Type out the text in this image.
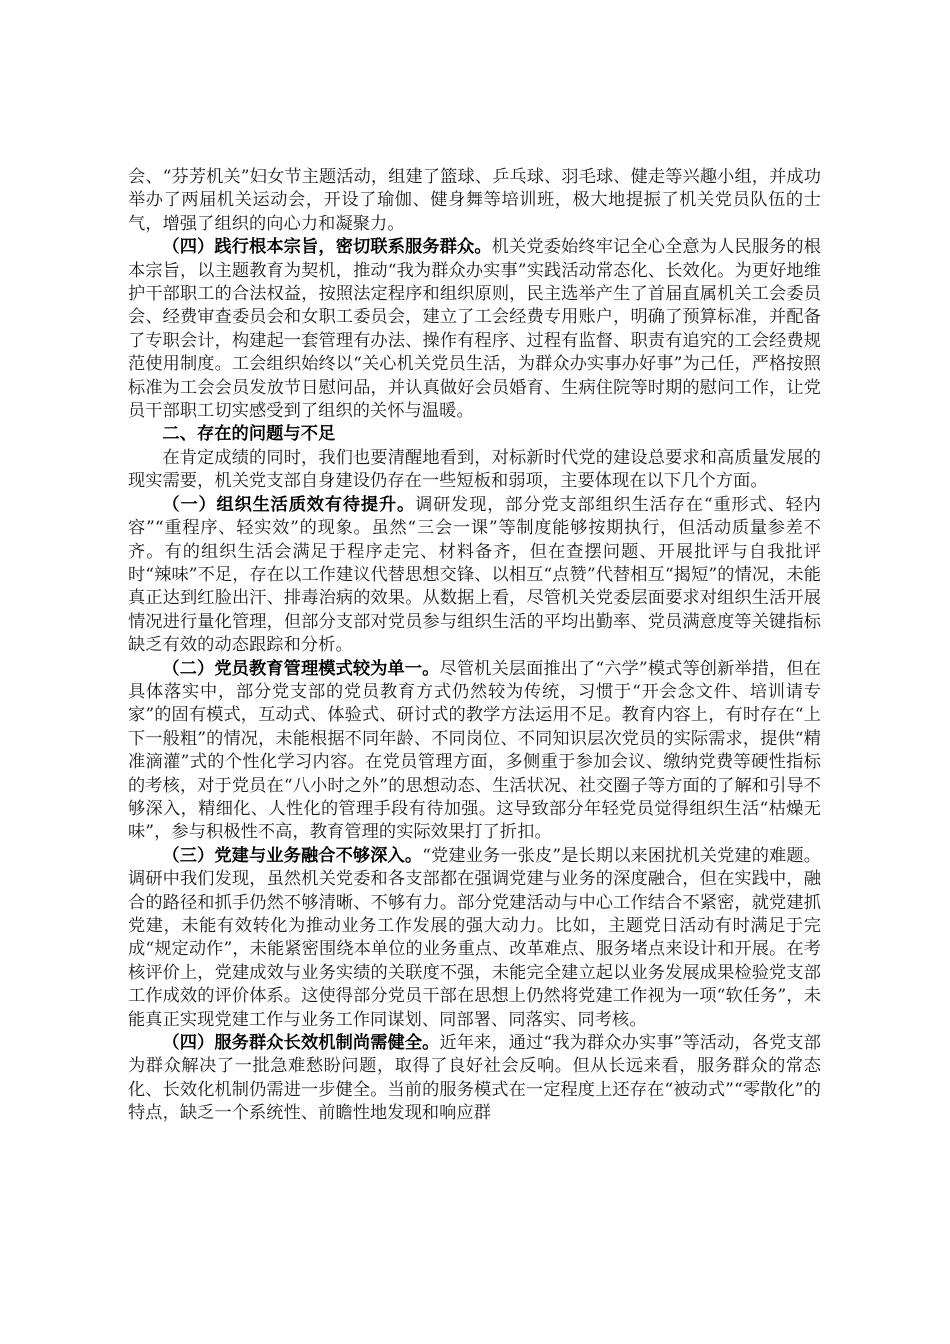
会、“芬芳机关”妇女节主题活动，组建了篮球、乒乓球、羽毛球、健走等兴趣小组，并成功举办了两届机关运动会，开设了瑜伽、健身舞等培训班，极大地提振了机关党员队伍的士气，增强了组织的向心力和凝聚力。

（四）践行根本宗旨，密切联系服务群众。机关党委始终牢记全心全意为人民服务的根本宗旨，以主题教育为契机，推动“我为群众办实事”实践活动常态化、长效化。为更好地维护干部职工的合法权益，按照法定程序和组织原则，民主选举产生了首届直属机关工会委员会、经费审查委员会和女职工委员会，建立了工会经费专用账户，明确了预算标准，并配备了专职会计，构建起一套管理有办法、操作有程序、过程有监督、职责有追究的工会经费规范使用制度。工会组织始终以“关心机关党员生活，为群众办实事办好事”为己任，严格按照标准为工会会员发放节日慰问品，并认真做好会员婚育、生病住院等时期的慰问工作，让党员干部职工切实感受到了组织的关怀与温暖。

二、存在的问题与不足

在肯定成绩的同时，我们也要清醒地看到，对标新时代党的建设总要求和高质量发展的现实需要，机关党支部自身建设仍存在一些短板和弱项，主要体现在以下几个方面。

（一）组织生活质效有待提升。调研发现，部分党支部组织生活存在“重形式、轻内容”“重程序、轻实效”的现象。虽然“三会一课”等制度能够按期执行，但活动质量参差不齐。有的组织生活会满足于程序走完、材料备齐，但在查摆问题、开展批评与自我批评时“辣味”不足，存在以工作建议代替思想交锋、以相互“点赞”代替相互“揭短”的情况，未能真正达到红脸出汗、排毒治病的效果。从数据上看，尽管机关党委层面要求对组织生活开展情况进行量化管理，但部分支部对党员参与组织生活的平均出勤率、党员满意度等关键指标缺乏有效的动态跟踪和分析。

（二）党员教育管理模式较为单一。尽管机关层面推出了“六学”模式等创新举措，但在具体落实中，部分党支部的党员教育方式仍然较为传统，习惯于“开会念文件、培训请专家”的固有模式，互动式、体验式、研讨式的教学方法运用不足。教育内容上，有时存在“上下一般粗”的情况，未能根据不同年龄、不同岗位、不同知识层次党员的实际需求，提供“精准滴灌”式的个性化学习内容。在党员管理方面，多侧重于参加会议、缴纳党费等硬性指标的考核，对于党员在“八小时之外”的思想动态、生活状况、社交圈子等方面的了解和引导不够深入，精细化、人性化的管理手段有待加强。这导致部分年轻党员觉得组织生活“枯燥无味”，参与积极性不高，教育管理的实际效果打了折扣。

（三）党建与业务融合不够深入。“党建业务一张皮”是长期以来困扰机关党建的难题。调研中我们发现，虽然机关党委和各支部都在强调党建与业务的深度融合，但在实践中，融合的路径和抓手仍然不够清晰、不够有力。部分党建活动与中心工作结合不紧密，就党建抓党建，未能有效转化为推动业务工作发展的强大动力。比如，主题党日活动有时满足于完成“规定动作”，未能紧密围绕本单位的业务重点、改革难点、服务堵点来设计和开展。在考核评价上，党建成效与业务实绩的关联度不强，未能完全建立起以业务发展成果检验党支部工作成效的评价体系。这使得部分党员干部在思想上仍然将党建工作视为一项“软任务”，未能真正实现党建工作与业务工作同谋划、同部署、同落实、同考核。

（四）服务群众长效机制尚需健全。近年来，通过“我为群众办实事”等活动，各党支部为群众解决了一批急难愁盼问题，取得了良好社会反响。但从长远来看，服务群众的常态化、长效化机制仍需进一步健全。当前的服务模式在一定程度上还存在“被动式”“零散化”的特点，缺乏一个系统性、前瞻性地发现和响应群
